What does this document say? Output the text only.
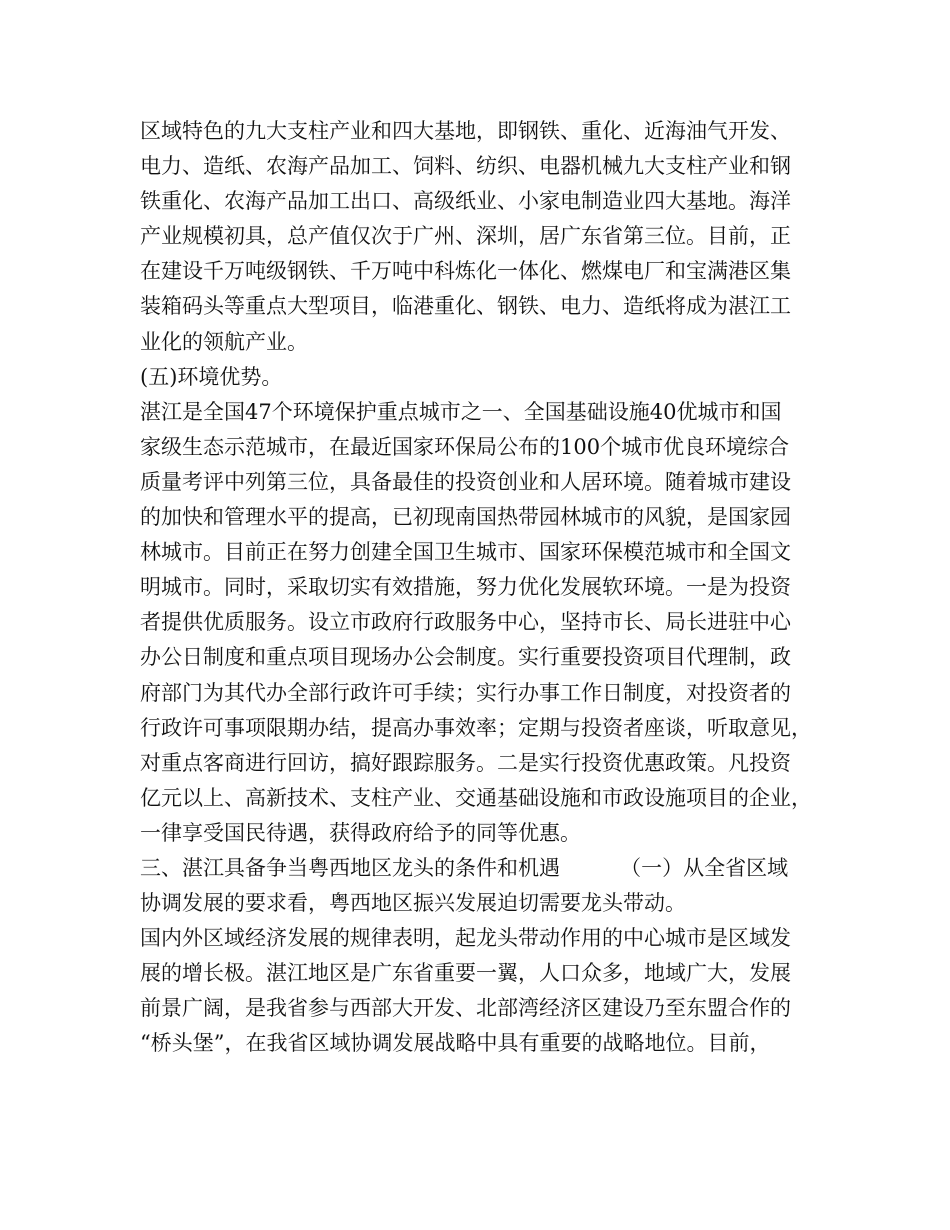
区域特色的九大支柱产业和四大基地，即钢铁、重化、近海油气开发、

电力、造纸、农海产品加工、饲料、纺织、电器机械九大支柱产业和钢

铁重化、农海产品加工出口、高级纸业、小家电制造业四大基地。海洋

产业规模初具，总产值仅次于广州、深圳，居广东省第三位。目前，正

在建设千万吨级钢铁、千万吨中科炼化一体化、燃煤电厂和宝满港区集

装箱码头等重点大型项目，临港重化、钢铁、电力、造纸将成为湛江工

业化的领航产业。

(五)环境优势。

湛江是全国47个环境保护重点城市之一、全国基础设施40优城市和国

家级生态示范城市，在最近国家环保局公布的100个城市优良环境综合

质量考评中列第三位，具备最佳的投资创业和人居环境。随着城市建设

的加快和管理水平的提高，已初现南国热带园林城市的风貌，是国家园

林城市。目前正在努力创建全国卫生城市、国家环保模范城市和全国文

明城市。同时，采取切实有效措施，努力优化发展软环境。一是为投资

者提供优质服务。设立市政府行政服务中心，坚持市长、局长进驻中心

办公日制度和重点项目现场办公会制度。实行重要投资项目代理制，政

府部门为其代办全部行政许可手续；实行办事工作日制度，对投资者的

行政许可事项限期办结，提高办事效率；定期与投资者座谈，听取意见，

对重点客商进行回访，搞好跟踪服务。二是实行投资优惠政策。凡投资

亿元以上、高新技术、支柱产业、交通基础设施和市政设施项目的企业，

一律享受国民待遇，获得政府给予的同等优惠。

三、湛江具备争当粤西地区龙头的条件和机遇         （一）从全省区域

协调发展的要求看，粤西地区振兴发展迫切需要龙头带动。

国内外区域经济发展的规律表明，起龙头带动作用的中心城市是区域发

展的增长极。湛江地区是广东省重要一翼，人口众多，地域广大，发展

前景广阔，是我省参与西部大开发、北部湾经济区建设乃至东盟合作的

“桥头堡”，在我省区域协调发展战略中具有重要的战略地位。目前，
